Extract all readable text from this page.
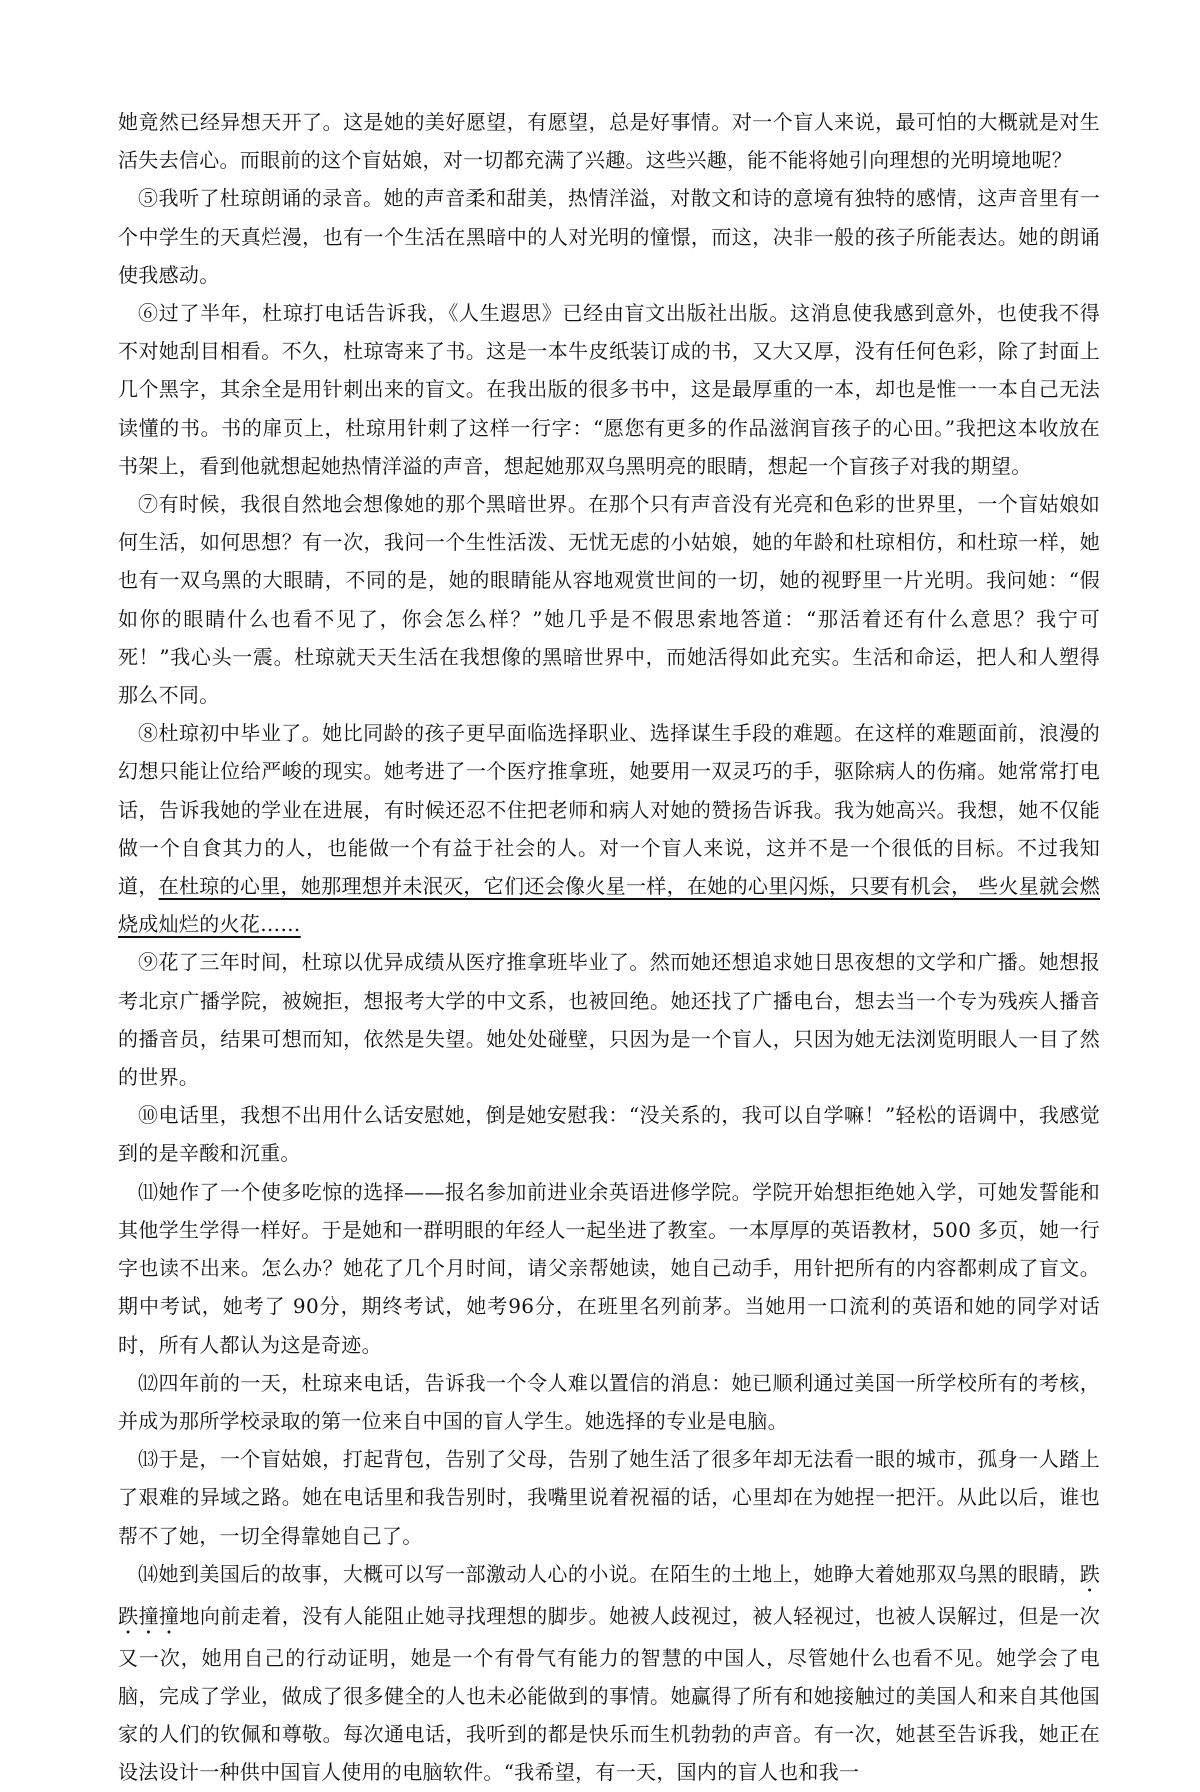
她竟然已经异想天开了。这是她的美好愿望，有愿望，总是好事情。对一个盲人来说，最可怕的大概就是对生活失去信心。而眼前的这个盲姑娘，对一切都充满了兴趣。这些兴趣，能不能将她引向理想的光明境地呢？

⑤我听了杜琼朗诵的录音。她的声音柔和甜美，热情洋溢，对散文和诗的意境有独特的感情，这声音里有一个中学生的天真烂漫，也有一个生活在黑暗中的人对光明的憧憬，而这，决非一般的孩子所能表达。她的朗诵使我感动。

⑥过了半年，杜琼打电话告诉我，《人生遐思》已经由盲文出版社出版。这消息使我感到意外，也使我不得不对她刮目相看。不久，杜琼寄来了书。这是一本牛皮纸装订成的书，又大又厚，没有任何色彩，除了封面上几个黑字，其余全是用针刺出来的盲文。在我出版的很多书中，这是最厚重的一本，却也是惟一一本自己无法读懂的书。书的扉页上，杜琼用针刺了这样一行字：“愿您有更多的作品滋润盲孩子的心田。”我把这本收放在书架上，看到他就想起她热情洋溢的声音，想起她那双乌黑明亮的眼睛，想起一个盲孩子对我的期望。

⑦有时候，我很自然地会想像她的那个黑暗世界。在那个只有声音没有光亮和色彩的世界里，一个盲姑娘如何生活，如何思想？有一次，我问一个生性活泼、无忧无虑的小姑娘，她的年龄和杜琼相仿，和杜琼一样，她也有一双乌黑的大眼睛，不同的是，她的眼睛能从容地观赏世间的一切，她的视野里一片光明。我问她：“假如你的眼睛什么也看不见了，你会怎么样？”她几乎是不假思索地答道：“那活着还有什么意思？我宁可死！”我心头一震。杜琼就天天生活在我想像的黑暗世界中，而她活得如此充实。生活和命运，把人和人塑得那么不同。

⑧杜琼初中毕业了。她比同龄的孩子更早面临选择职业、选择谋生手段的难题。在这样的难题面前，浪漫的幻想只能让位给严峻的现实。她考进了一个医疗推拿班，她要用一双灵巧的手，驱除病人的伤痛。她常常打电话，告诉我她的学业在进展，有时候还忍不住把老师和病人对她的赞扬告诉我。我为她高兴。我想，她不仅能做一个自食其力的人，也能做一个有益于社会的人。对一个盲人来说，这并不是一个很低的目标。不过我知道，在杜琼的心里，她那理想并未泯灭，它们还会像火星一样，在她的心里闪烁，只要有机会， 些火星就会燃烧成灿烂的火花……

⑨花了三年时间，杜琼以优异成绩从医疗推拿班毕业了。然而她还想追求她日思夜想的文学和广播。她想报考北京广播学院，被婉拒，想报考大学的中文系，也被回绝。她还找了广播电台，想去当一个专为残疾人播音的播音员，结果可想而知，依然是失望。她处处碰壁，只因为是一个盲人，只因为她无法浏览明眼人一目了然的世界。

⑩电话里，我想不出用什么话安慰她，倒是她安慰我：“没关系的，我可以自学嘛！”轻松的语调中，我感觉到的是辛酸和沉重。

⑾她作了一个使多吃惊的选择——报名参加前进业余英语进修学院。学院开始想拒绝她入学，可她发誓能和其他学生学得一样好。于是她和一群明眼的年经人一起坐进了教室。一本厚厚的英语教材，500 多页，她一行字也读不出来。怎么办？她花了几个月时间，请父亲帮她读，她自己动手，用针把所有的内容都刺成了盲文。期中考试，她考了 90分，期终考试，她考96分，在班里名列前茅。当她用一口流利的英语和她的同学对话时，所有人都认为这是奇迹。

⑿四年前的一天，杜琼来电话，告诉我一个令人难以置信的消息：她已顺利通过美国一所学校所有的考核，并成为那所学校录取的第一位来自中国的盲人学生。她选择的专业是电脑。

⒀于是，一个盲姑娘，打起背包，告别了父母，告别了她生活了很多年却无法看一眼的城市，孤身一人踏上了艰难的异域之路。她在电话里和我告别时，我嘴里说着祝福的话，心里却在为她捏一把汗。从此以后，谁也帮不了她，一切全得靠她自己了。

⒁她到美国后的故事，大概可以写一部激动人心的小说。在陌生的土地上，她睁大着她那双乌黑的眼睛，跌跌撞撞地向前走着，没有人能阻止她寻找理想的脚步。她被人歧视过，被人轻视过，也被人误解过，但是一次又一次，她用自己的行动证明，她是一个有骨气有能力的智慧的中国人，尽管她什么也看不见。她学会了电脑，完成了学业，做成了很多健全的人也未必能做到的事情。她赢得了所有和她接触过的美国人和来自其他国家的人们的钦佩和尊敬。每次通电话，我听到的都是快乐而生机勃勃的声音。有一次，她甚至告诉我，她正在设法设计一种供中国盲人使用的电脑软件。“我希望，有一天，国内的盲人也和我一
